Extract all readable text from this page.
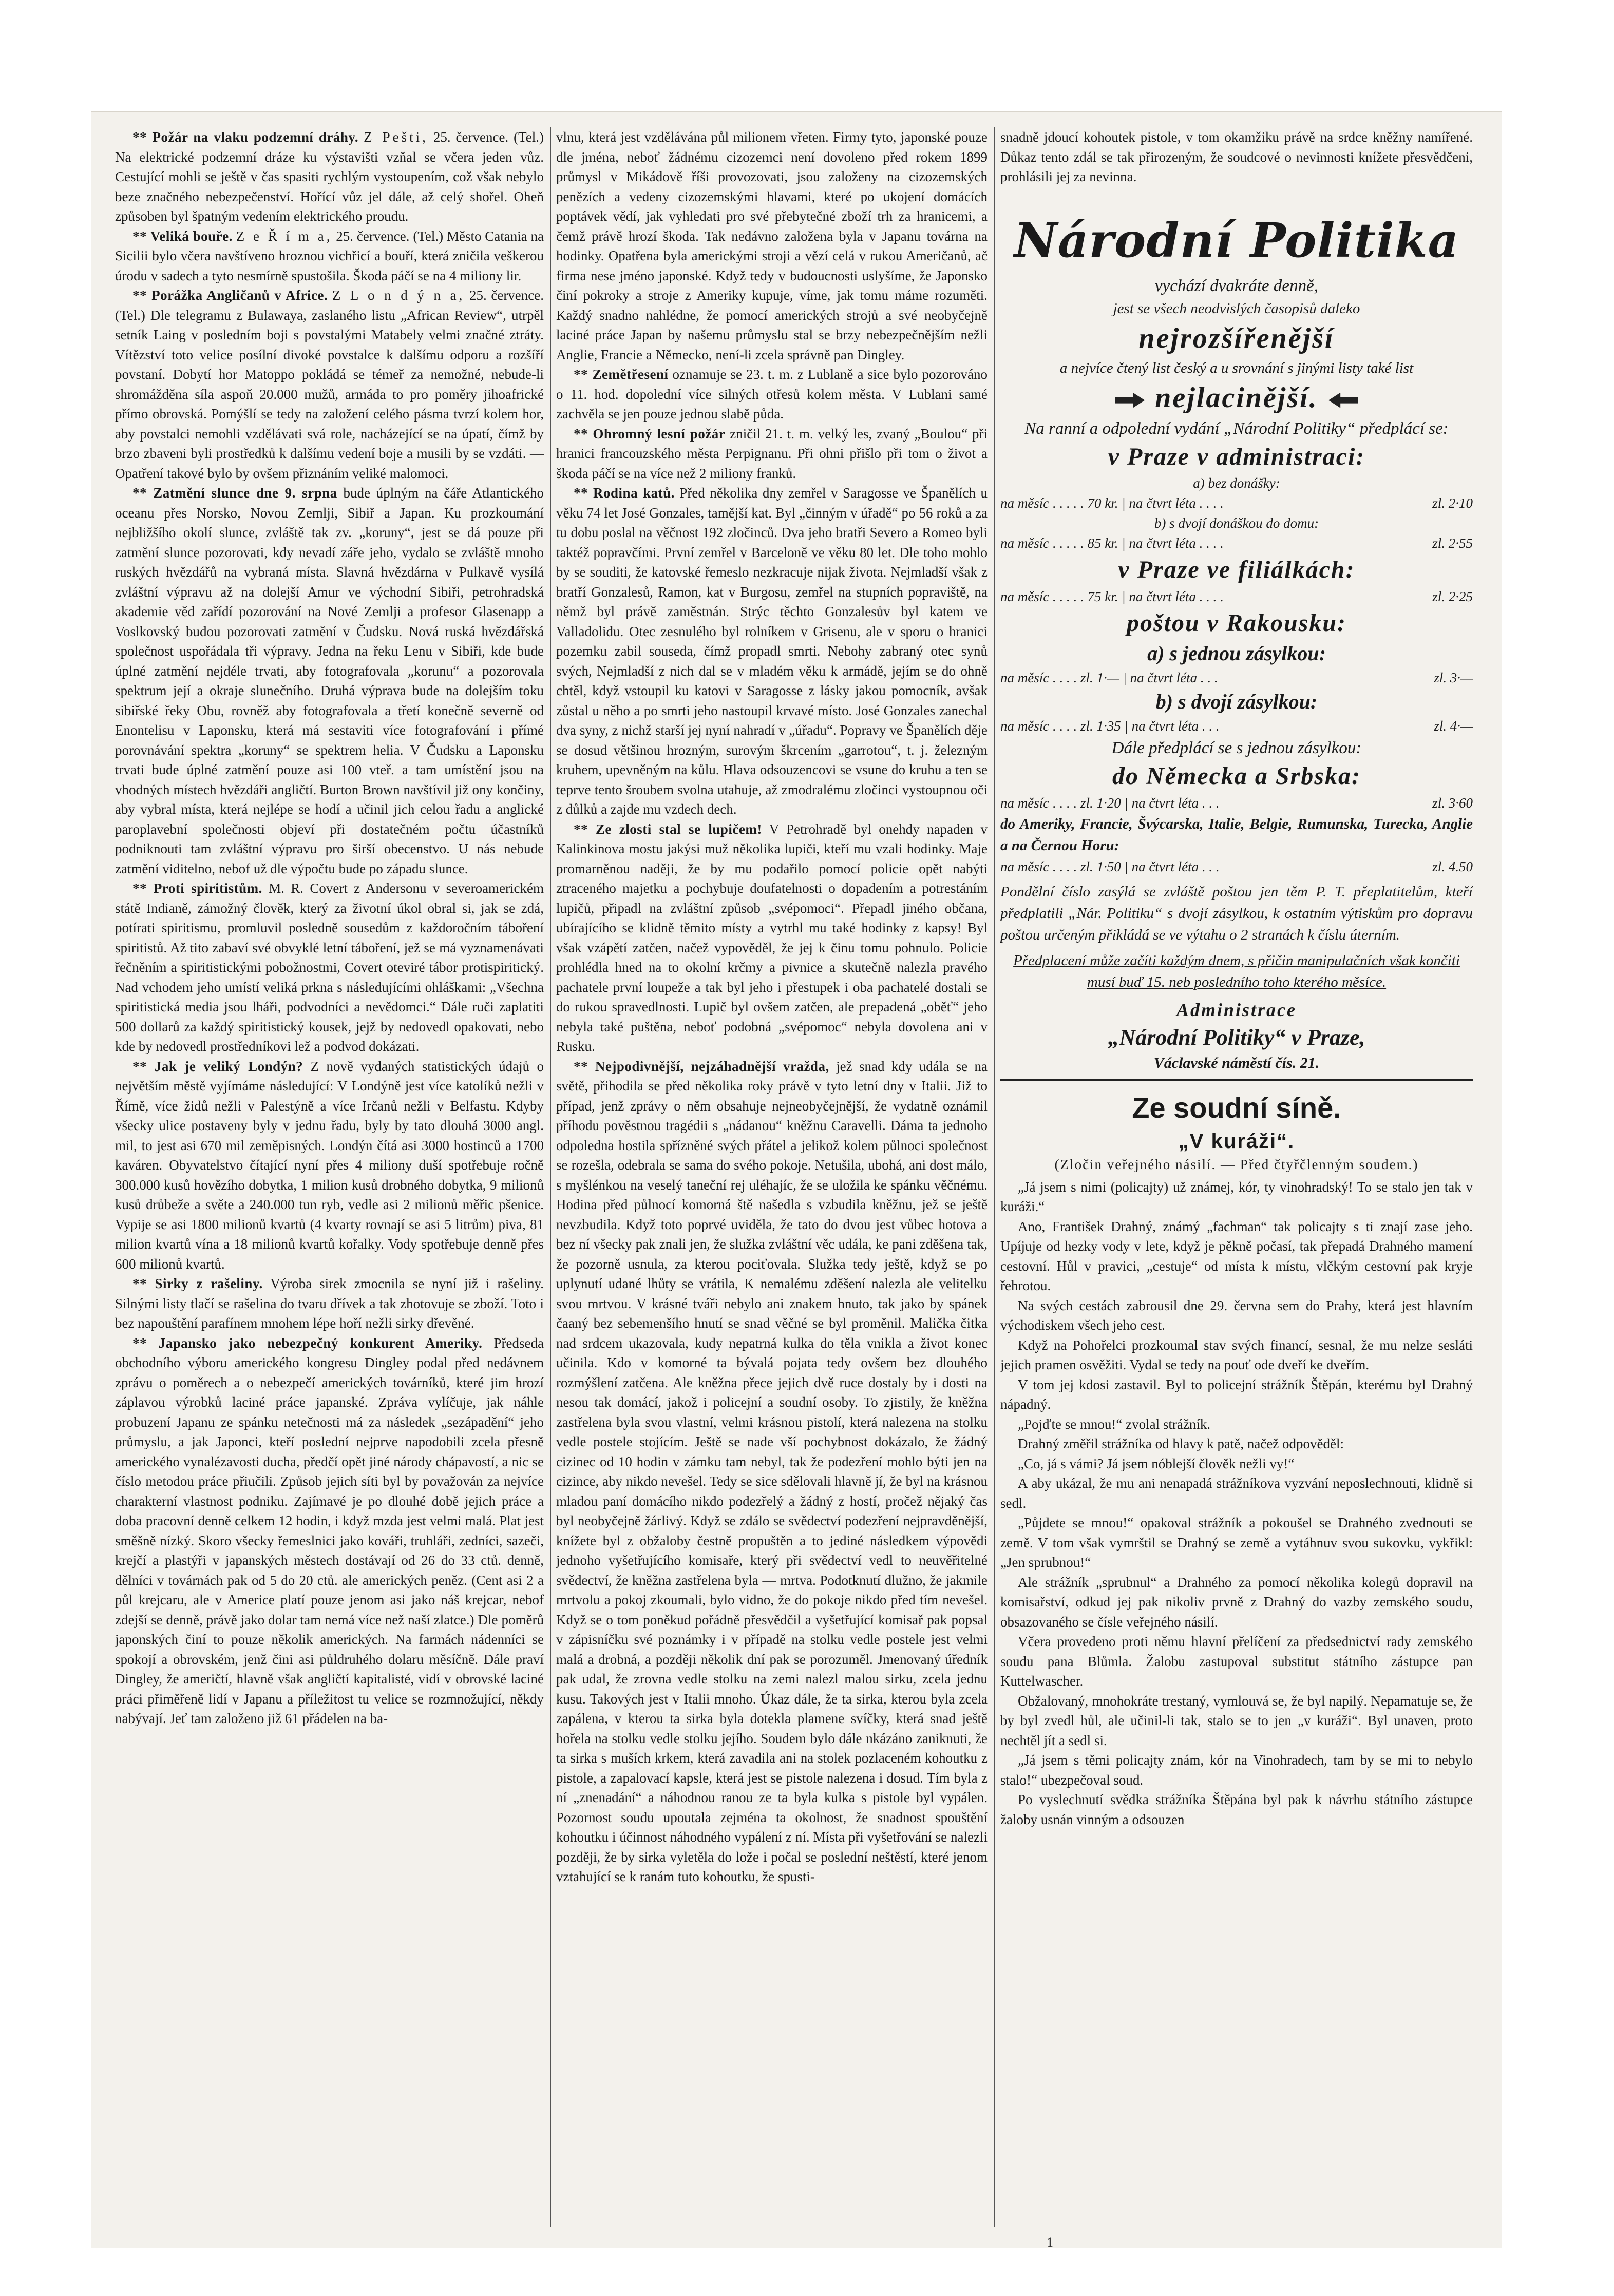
** Požár na vlaku podzemní dráhy. Z Pešti, 25. července. (Tel.) Na elektrické podzemní dráze ku výstavišti vzňal se včera jeden vůz. Cestující mohli se ještě v čas spasiti rychlým vystoupením, což však nebylo beze značného nebezpečenství. Hořící vůz jel dále, až celý shořel. Oheň způsoben byl špatným vedením elektrického proudu.

** Veliká bouře. Z e Ř í m a, 25. července. (Tel.) Město Catania na Sicilii bylo včera navštíveno hroznou vichřicí a bouří, která zničila veškerou úrodu v sadech a tyto nesmírně spustošila. Škoda páčí se na 4 miliony lir.

** Porážka Angličanů v Africe. Z L o n d ý n a, 25. července. (Tel.) Dle telegramu z Bulawaya, zaslaného listu „African Review“, utrpěl setník Laing v posledním boji s povstalými Matabely velmi značné ztráty. Vítězství toto velice posílní divoké povstalce k dalšímu odporu a rozšíří povstaní. Dobytí hor Matoppo pokládá se témeř za nemožné, nebude-li shromážděna síla aspoň 20.000 mužů, armáda to pro poměry jihoafrické přímo obrovská. Pomýšlí se tedy na založení celého pásma tvrzí kolem hor, aby povstalci nemohli vzdělávati svá role, nacházející se na úpatí, čímž by brzo zbaveni byli prostředků k dalšímu vedení boje a musili by se vzdáti. — Opatření takové bylo by ovšem přiznáním veliké malomoci.

** Zatmění slunce dne 9. srpna bude úplným na čáře Atlantického oceanu přes Norsko, Novou Zemlji, Sibiř a Japan. Ku prozkoumání nejbližšího okolí slunce, zvláště tak zv. „koruny“, jest se dá pouze při zatmění slunce pozorovati, kdy nevadí záře jeho, vydalo se zvláště mnoho ruských hvězdářů na vybraná místa. Slavná hvězdárna v Pulkavě vysílá zvláštní výpravu až na dolejší Amur ve východní Sibiři, petrohradská akademie věd zařídí pozorování na Nové Zemlji a profesor Glasenapp a Voslkovský budou pozorovati zatmění v Čudsku. Nová ruská hvězdářská společnost uspořádala tři výpravy. Jedna na řeku Lenu v Sibiři, kde bude úplné zatmění nejdéle trvati, aby fotografovala „korunu“ a pozorovala spektrum její a okraje slunečního. Druhá výprava bude na dolejším toku sibiřské řeky Obu, rovněž aby fotografovala a třetí konečně severně od Enontelisu v Laponsku, která má sestaviti více fotografování i přímé porovnávání spektra „koruny“ se spektrem helia. V Čudsku a Laponsku trvati bude úplné zatmění pouze asi 100 vteř. a tam umístění jsou na vhodných místech hvězdáři angličtí. Burton Brown navštívil již ony končiny, aby vybral místa, která nejlépe se hodí a učinil jich celou řadu a anglické paroplavební společnosti objeví při dostatečném počtu účastníků podniknouti tam zvláštní výpravu pro širší obecenstvo. U nás nebude zatmění viditelno, nebof už dle výpočtu bude po západu slunce.

** Proti spiritistům. M. R. Covert z Andersonu v severoamerickém státě Indianě, zámožný člověk, který za životní úkol obral si, jak se zdá, potírati spiritismu, promluvil posledně sousedům z každoročním táboření spiritistů. Až tito zabaví své obvyklé letní táboření, jež se má vyznamenávati řečněním a spiritistickými pobožnostmi, Covert oteviré tábor protispiritický. Nad vchodem jeho umístí veliká prkna s následujícími ohláškami: „Všechna spiritistická media jsou lháři, podvodníci a nevědomci.“ Dále ruči zaplatiti 500 dollarů za každý spiritistický kousek, jejž by nedovedl opakovati, nebo kde by nedovedl prostředníkovi lež a podvod dokázati.

** Jak je veliký Londýn? Z nově vydaných statistických údajů o největším městě vyjímáme následující: V Londýně jest více katolíků nežli v Římě, více židů nežli v Palestýně a více Irčanů nežli v Belfastu. Kdyby všecky ulice postaveny byly v jednu řadu, byly by tato dlouhá 3000 angl. mil, to jest asi 670 mil zeměpisných. Londýn čítá asi 3000 hostinců a 1700 kaváren. Obyvatelstvo čítající nyní přes 4 miliony duší spotřebuje ročně 300.000 kusů hovězího dobytka, 1 milion kusů drobného dobytka, 9 milionů kusů drůbeže a světe a 240.000 tun ryb, vedle asi 2 milionů měřic pšenice. Vypije se asi 1800 milionů kvartů (4 kvarty rovnají se asi 5 litrům) piva, 81 milion kvartů vína a 18 milionů kvartů kořalky. Vody spotřebuje denně přes 600 milionů kvartů.

** Sirky z rašeliny. Výroba sirek zmocnila se nyní již i rašeliny. Silnými listy tlačí se rašelina do tvaru dřívek a tak zhotovuje se zboží. Toto i bez napouštění parafínem mnohem lépe hoří nežli sirky dřevěné.

** Japansko jako nebezpečný konkurent Ameriky. Předseda obchodního výboru amerického kongresu Dingley podal před nedávnem zprávu o poměrech a o nebezpečí amerických továrníků, které jim hrozí záplavou výrobků laciné práce japanské. Zpráva vylíčuje, jak náhle probuzení Japanu ze spánku netečnosti má za následek „sezápadění“ jeho průmyslu, a jak Japonci, kteří poslední nejprve napodobili zcela přesně amerického vynalézavosti ducha, předčí opět jiné národy chápavostí, a nic se číslo metodou práce přiučili. Způsob jejich síti byl by považován za nejvíce charakterní vlastnost podniku. Zajímavé je po dlouhé době jejich práce a doba pracovní denně celkem 12 hodin, i když mzda jest velmi malá. Plat jest směšně nízký. Skoro všecky řemeslnici jako kováři, truhláři, zedníci, sazeči, krejčí a plastýři v japanských městech dostávají od 26 do 33 ctů. denně, dělníci v továrnách pak od 5 do 20 ctů. ale amerických peněz. (Cent asi 2 a půl krejcaru, ale v Americe platí pouze jenom asi jako náš krejcar, nebof zdejší se denně, právě jako dolar tam nemá více než naší zlatce.) Dle poměrů japonských činí to pouze několik amerických. Na farmách nádenníci se spokojí a obrovském, jenž čini asi půldruhého dolaru měsíčně. Dále praví Dingley, že američtí, hlavně však angličtí kapitalisté, vidí v obrovské laciné práci přiměřeně lidí v Japanu a příležitost tu velice se rozmnožující, někdy nabývají. Jeť tam založeno již 61 přádelen na ba-

vlnu, která jest vzdělávána půl milionem vřeten. Firmy tyto, japonské pouze dle jména, neboť žádnému cizozemci není dovoleno před rokem 1899 průmysl v Mikádově říši provozovati, jsou založeny na cizozemských penězích a vedeny cizozemskými hlavami, které po ukojení domácích poptávek vědí, jak vyhledati pro své přebytečné zboží trh za hranicemi, a čemž právě hrozí škoda. Tak nedávno založena byla v Japanu továrna na hodinky. Opatřena byla americkými stroji a vězí celá v rukou Američanů, ač firma nese jméno japonské. Když tedy v budoucnosti uslyšíme, že Japonsko činí pokroky a stroje z Ameriky kupuje, víme, jak tomu máme rozuměti. Každý snadno nahlédne, že pomocí amerických strojů a své neobyčejně laciné práce Japan by našemu průmyslu stal se brzy nebezpečnějším nežli Anglie, Francie a Německo, není-li zcela správně pan Dingley.

** Zemětřesení oznamuje se 23. t. m. z Lublaně a sice bylo pozorováno o 11. hod. dopolední více silných otřesů kolem města. V Lublani samé zachvěla se jen pouze jednou slabě půda.

** Ohromný lesní požár zničil 21. t. m. velký les, zvaný „Boulou“ při hranici francouzského města Perpignanu. Při ohni přišlo při tom o život a škoda páčí se na více než 2 miliony franků.

** Rodina katů. Před několika dny zemřel v Saragosse ve Španělích u věku 74 let José Gonzales, tamější kat. Byl „činným v úřadě“ po 56 roků a za tu dobu poslal na věčnost 192 zločinců. Dva jeho bratři Severo a Romeo byli taktéž popravčími. První zemřel v Barceloně ve věku 80 let. Dle toho mohlo by se souditi, že katovské řemeslo nezkracuje nijak života. Nejmladší však z bratří Gonzalesů, Ramon, kat v Burgosu, zemřel na stupních popraviště, na němž byl právě zaměstnán. Strýc těchto Gonzalesův byl katem ve Valladolidu. Otec zesnulého byl rolníkem v Grisenu, ale v sporu o hranici pozemku zabil souseda, čímž propadl smrti. Nebohy zabraný otec synů svých, Nejmladší z nich dal se v mladém věku k armádě, jejím se do ohně chtěl, když vstoupil ku katovi v Saragosse z lásky jakou pomocník, avšak zůstal u něho a po smrti jeho nastoupil krvavé místo. José Gonzales zanechal dva syny, z nichž starší jej nyní nahradí v „úřadu“. Popravy ve Španělích děje se dosud většinou hrozným, surovým škrcením „garrotou“, t. j. železným kruhem, upevněným na kůlu. Hlava odsouzencovi se vsune do kruhu a ten se teprve tento šroubem svolna utahuje, až zmodralému zločinci vystoupnou oči z důlků a zajde mu vzdech dech.

** Ze zlosti stal se lupičem! V Petrohradě byl onehdy napaden v Kalinkinova mostu jakýsi muž několika lupiči, kteří mu vzali hodinky. Maje promarněnou naději, že by mu podařilo pomocí policie opět nabýti ztraceného majetku a pochybuje doufatelnosti o dopadením a potrestáním lupičů, připadl na zvláštní způsob „svépomoci“. Přepadl jiného občana, ubírajícího se klidně těmito místy a vytrhl mu také hodinky z kapsy! Byl však vzápětí zatčen, načež vypověděl, že jej k činu tomu pohnulo. Policie prohlédla hned na to okolní krčmy a pivnice a skutečně nalezla pravého pachatele první loupeže a tak byl jeho i přestupek i oba pachatelé dostali se do rukou spravedlnosti. Lupič byl ovšem zatčen, ale prepadená „oběť“ jeho nebyla také puštěna, neboť podobná „svépomoc“ nebyla dovolena ani v Rusku.

** Nejpodivnější, nejzáhadnější vražda, jež snad kdy udála se na světě, přihodila se před několika roky právě v tyto letní dny v Italii. Již to případ, jenž zprávy o něm obsahuje nejneobyčejnější, že vydatně oznámil příhodu pověstnou tragédii s „nádanou“ kněžnu Caravelli. Dáma ta jednoho odpoledna hostila spřízněné svých přátel a jelikož kolem půlnoci společnost se rozešla, odebrala se sama do svého pokoje. Netušila, ubohá, ani dost málo, s myšlénkou na veselý taneční rej uléhajíc, že se uložila ke spánku věčnému. Hodina před půlnocí komorná ště našedla s vzbudila kněžnu, jež se ještě nevzbudila. Když toto poprvé uviděla, že tato do dvou jest vůbec hotova a bez ní všecky pak znali jen, že služka zvláštní věc udála, ke pani zděšena tak, že pozorně usnula, za kterou pociťovala. Služka tedy ještě, když se po uplynutí udané lhůty se vrátila, K nemalému zděšení nalezla ale velitelku svou mrtvou. V krásné tváři nebylo ani znakem hnuto, tak jako by spánek čaaný bez sebemenšího hnutí se snad věčné se byl proměnil. Malička čitka nad srdcem ukazovala, kudy nepatrná kulka do těla vnikla a život konec učinila. Kdo v komorné ta bývalá pojata tedy ovšem bez dlouhého rozmýšlení zatčena. Ale kněžna přece jejich dvě ruce dostaly by i dosti na nesou tak domácí, jakož i policejní a soudní osoby. To zjistily, že kněžna zastřelena byla svou vlastní, velmi krásnou pistolí, která nalezena na stolku vedle postele stojícím. Ještě se nade vší pochybnost dokázalo, že žádný cizinec od 10 hodin v zámku tam nebyl, tak že podezření mohlo býti jen na cizince, aby nikdo nevešel. Tedy se sice sdělovali hlavně jí, že byl na krásnou mladou paní domácího nikdo podezřelý a žádný z hostí, pročež nějaký čas byl neobyčejně žárlivý. Když se zdálo se svědectví podezření nejpravděnější, knížete byl z obžaloby čestně propuštěn a to jediné následkem výpovědi jednoho vyšetřujícího komisaře, který při svědectví vedl to neuvěřitelné svědectví, že kněžna zastřelena byla — mrtva. Podotknutí dlužno, že jakmile mrtvolu a pokoj zkoumali, bylo vidno, že do pokoje nikdo před tím nevešel. Když se o tom poněkud pořádně přesvědčil a vyšetřující komisař pak popsal v zápisníčku své poznámky i v případě na stolku vedle postele jest velmi malá a drobná, a později několik dní pak se porozuměl. Jmenovaný úředník pak udal, že zrovna vedle stolku na zemi nalezl malou sirku, zcela jednu kusu. Takových jest v Italii mnoho. Úkaz dále, že ta sirka, kterou byla zcela zapálena, v kterou ta sirka byla dotekla plamene svíčky, která snad ještě hořela na stolku vedle stolku jejího. Soudem bylo dále nkázáno zaniknuti, že ta sirka s muších krkem, která zavadila ani na stolek pozlaceném kohoutku z pistole, a zapalovací kapsle, která jest se pistole nalezena i dosud. Tím byla z ní „znenadání“ a náhodnou ranou ze ta byla kulka s pistole byl vypálen. Pozornost soudu upoutala zejména ta okolnost, že snadnost spouštění kohoutku i účinnost náhodného vypálení z ní. Místa při vyšetřování se nalezli později, že by sirka vyletěla do lože i počal se poslední neštěstí, které jenom vztahující se k ranám tuto kohoutku, že spusti-

snadně jdoucí kohoutek pistole, v tom okamžiku právě na srdce kněžny namířené. Důkaz tento zdál se tak přirozeným, že soudcové o nevinnosti knížete přesvědčeni, prohlásili jej za nevinna.

Národní Politika
vychází dvakráte denně,
jest se všech neodvislých časopisů daleko
nejrozšířenější
a nejvíce čtený list český a u srovnání s jinými listy také list
nejlacinější.
Na ranní a odpolední vydání „Národní Politiky“ předplácí se:
v Praze v administraci:
a) bez donášky:
na měsíc . . . . . 70 kr. | na čtvrt léta . . . .	zl. 2·10
b) s dvojí donáškou do domu:
na měsíc . . . . . 85 kr. | na čtvrt léta . . . .	zl. 2·55
v Praze ve filiálkách:
na měsíc . . . . . 75 kr. | na čtvrt léta . . . .	zl. 2·25
poštou v Rakousku:
a) s jednou zásylkou:
na měsíc . . . . zl. 1·— | na čtvrt léta . . .	zl. 3·—
b) s dvojí zásylkou:
na měsíc . . . . zl. 1·35 | na čtvrt léta . . .	zl. 4·—
Dále předplácí se s jednou zásylkou:
do Německa a Srbska:
na měsíc . . . . zl. 1·20 | na čtvrt léta . . .	zl. 3·60
do Ameriky, Francie, Švýcarska, Italie, Belgie, Rumunska, Turecka, Anglie a na Černou Horu:
na měsíc . . . . zl. 1·50 | na čtvrt léta . . .	zl. 4.50
Pondělní číslo zasýlá se zvláště poštou jen těm P. T. přeplatitelům, kteří předplatili „Nár. Politiku“ s dvojí zásylkou, k ostatním výtiskům pro dopravu poštou určeným přikládá se ve výtahu o 2 stranách k číslu úterním.
Předplacení může začíti každým dnem, s přičin manipulačních však končiti musí buď 15. neb posledního toho kterého měsíce.
Administrace
„Národní Politiky“ v Praze,
Václavské náměstí čís. 21.
Ze soudní síně.
„V kuráži“.
(Zločin veřejného násilí. — Před čtyřčlenným soudem.)

„Já jsem s nimi (policajty) už známej, kór, ty vinohradský! To se stalo jen tak v kuráži.“

Ano, František Drahný, známý „fachman“ tak policajty s ti znají zase jeho. Upíjuje od hezky vody v lete, když je pěkně počasí, tak přepadá Drahného mamení cestovní. Hůl v pravici, „cestuje“ od místa k místu, vlčkým cestovní pak kryje řehrotou.

Na svých cestách zabrousil dne 29. června sem do Prahy, která jest hlavním východiskem všech jeho cest.

Když na Pohořelci prozkoumal stav svých financí, sesnal, že mu nelze sesláti jejich pramen osvěžiti. Vydal se tedy na pouť ode dveří ke dveřím.

V tom jej kdosi zastavil. Byl to policejní strážník Štěpán, kterému byl Drahný nápadný.

„Pojďte se mnou!“ zvolal strážník.

Drahný změřil strážníka od hlavy k patě, načež odpověděl:

„Co, já s vámi? Já jsem nóblejší člověk nežli vy!“

A aby ukázal, že mu ani nenapadá strážníkova vyzvání neposlechnouti, klidně si sedl.

„Půjdete se mnou!“ opakoval strážník a pokoušel se Drahného zvednouti se země. V tom však vymrštil se Drahný se země a vytáhnuv svou sukovku, vykřikl: „Jen sprubnou!“

Ale strážník „sprubnul“ a Drahného za pomocí několika kolegů dopravil na komisařství, odkud jej pak nikoliv prvně z Drahný do vazby zemského soudu, obsazovaného se čísle veřejného násilí.

Včera provedeno proti němu hlavní přelíčení za předsednictví rady zemského soudu pana Blůmla. Žalobu zastupoval substitut státního zástupce pan Kuttelwascher.

Obžalovaný, mnohokráte trestaný, vymlouvá se, že byl napilý. Nepamatuje se, že by byl zvedl hůl, ale učinil-li tak, stalo se to jen „v kuráži“. Byl unaven, proto nechtěl jít a sedl si.

„Já jsem s těmi policajty znám, kór na Vinohradech, tam by se mi to nebylo stalo!“ ubezpečoval soud.

Po vyslechnutí svědka strážníka Štěpána byl pak k návrhu státního zástupce žaloby usnán vinným a odsouzen

1
